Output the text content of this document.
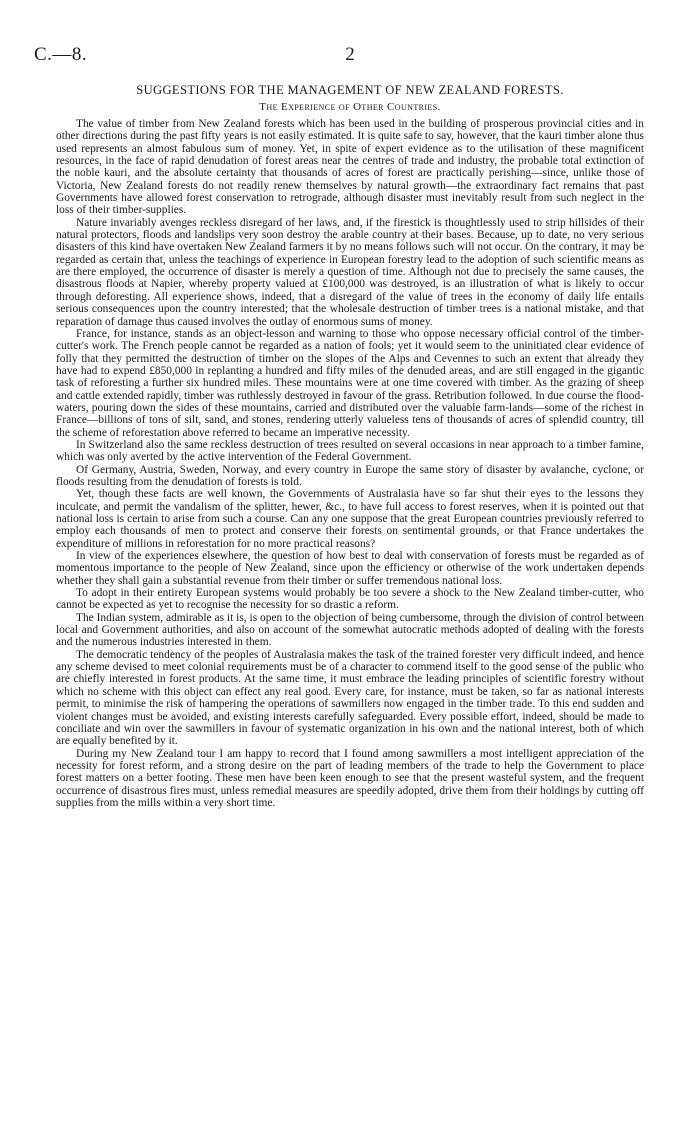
C.—8.	2
SUGGESTIONS FOR THE MANAGEMENT OF NEW ZEALAND FORESTS.
The Experience of Other Countries.

The value of timber from New Zealand forests which has been used in the building of prosperous provincial cities and in other directions during the past fifty years is not easily estimated. It is quite safe to say, however, that the kauri timber alone thus used represents an almost fabulous sum of money. Yet, in spite of expert evidence as to the utilisation of these magnificent resources, in the face of rapid denudation of forest areas near the centres of trade and industry, the probable total extinction of the noble kauri, and the absolute certainty that thousands of acres of forest are practically perishing—since, unlike those of Victoria, New Zealand forests do not readily renew themselves by natural growth—the extraordinary fact remains that past Governments have allowed forest conservation to retrograde, although disaster must inevitably result from such neglect in the loss of their timber-supplies.

Nature invariably avenges reckless disregard of her laws, and, if the firestick is thoughtlessly used to strip hillsides of their natural protectors, floods and landslips very soon destroy the arable country at their bases. Because, up to date, no very serious disasters of this kind have overtaken New Zealand farmers it by no means follows such will not occur. On the contrary, it may be regarded as certain that, unless the teachings of experience in European forestry lead to the adoption of such scientific means as are there employed, the occurrence of disaster is merely a question of time. Although not due to precisely the same causes, the disastrous floods at Napier, whereby property valued at £100,000 was destroyed, is an illustration of what is likely to occur through deforesting. All experience shows, indeed, that a disregard of the value of trees in the economy of daily life entails serious consequences upon the country interested; that the wholesale destruction of timber trees is a national mistake, and that reparation of damage thus caused involves the outlay of enormous sums of money.

France, for instance, stands as an object-lesson and warning to those who oppose necessary official control of the timber-cutter's work. The French people cannot be regarded as a nation of fools; yet it would seem to the uninitiated clear evidence of folly that they permitted the destruction of timber on the slopes of the Alps and Cevennes to such an extent that already they have had to expend £850,000 in replanting a hundred and fifty miles of the denuded areas, and are still engaged in the gigantic task of reforesting a further six hundred miles. These mountains were at one time covered with timber. As the grazing of sheep and cattle extended rapidly, timber was ruthlessly destroyed in favour of the grass. Retribution followed. In due course the flood-waters, pouring down the sides of these mountains, carried and distributed over the valuable farm-lands—some of the richest in France—billions of tons of silt, sand, and stones, rendering utterly valueless tens of thousands of acres of splendid country, till the scheme of reforestation above referred to became an imperative necessity.

In Switzerland also the same reckless destruction of trees resulted on several occasions in near approach to a timber famine, which was only averted by the active intervention of the Federal Government.

Of Germany, Austria, Sweden, Norway, and every country in Europe the same story of disaster by avalanche, cyclone, or floods resulting from the denudation of forests is told.

Yet, though these facts are well known, the Governments of Australasia have so far shut their eyes to the lessons they inculcate, and permit the vandalism of the splitter, hewer, &c., to have full access to forest reserves, when it is pointed out that national loss is certain to arise from such a course. Can any one suppose that the great European countries previously referred to employ each thousands of men to protect and conserve their forests on sentimental grounds, or that France undertakes the expenditure of millions in reforestation for no more practical reasons?

In view of the experiences elsewhere, the question of how best to deal with conservation of forests must be regarded as of momentous importance to the people of New Zealand, since upon the efficiency or otherwise of the work undertaken depends whether they shall gain a substantial revenue from their timber or suffer tremendous national loss.

To adopt in their entirety European systems would probably be too severe a shock to the New Zealand timber-cutter, who cannot be expected as yet to recognise the necessity for so drastic a reform.

The Indian system, admirable as it is, is open to the objection of being cumbersome, through the division of control between local and Government authorities, and also on account of the somewhat autocratic methods adopted of dealing with the forests and the numerous industries interested in them.

The democratic tendency of the peoples of Australasia makes the task of the trained forester very difficult indeed, and hence any scheme devised to meet colonial requirements must be of a character to commend itself to the good sense of the public who are chiefly interested in forest products. At the same time, it must embrace the leading principles of scientific forestry without which no scheme with this object can effect any real good. Every care, for instance, must be taken, so far as national interests permit, to minimise the risk of hampering the operations of sawmillers now engaged in the timber trade. To this end sudden and violent changes must be avoided, and existing interests carefully safeguarded. Every possible effort, indeed, should be made to conciliate and win over the sawmillers in favour of systematic organization in his own and the national interest, both of which are equally benefited by it.

During my New Zealand tour I am happy to record that I found among sawmillers a most intelligent appreciation of the necessity for forest reform, and a strong desire on the part of leading members of the trade to help the Government to place forest matters on a better footing. These men have been keen enough to see that the present wasteful system, and the frequent occurrence of disastrous fires must, unless remedial measures are speedily adopted, drive them from their holdings by cutting off supplies from the mills within a very short time.
